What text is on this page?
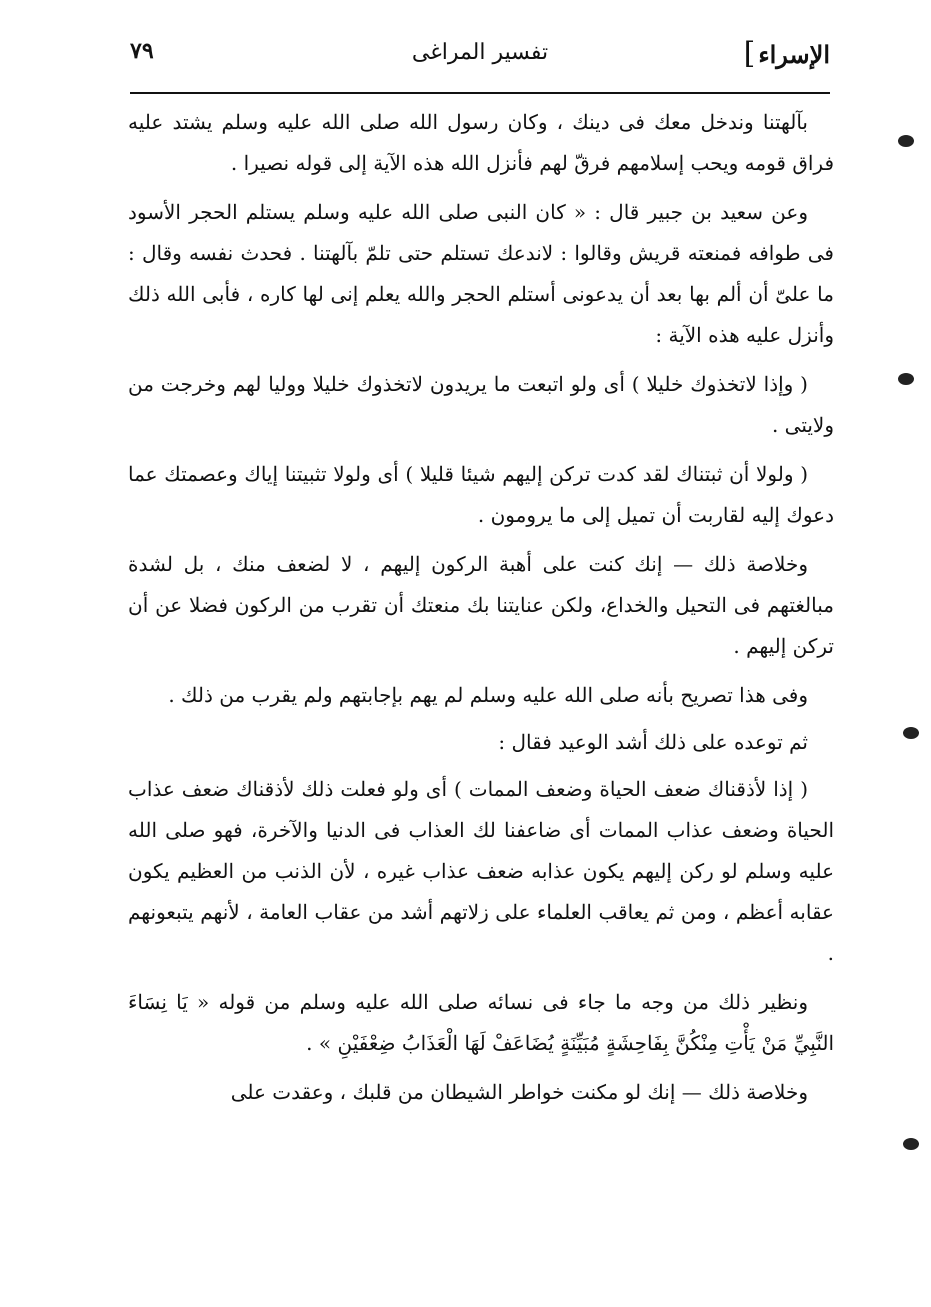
الإسراء]
تفسير المراغى
٧٩

بآلهتنا وندخل معك فى دينك ، وكان رسول الله صلى الله عليه وسلم يشتد عليه فراق قومه ويحب إسلامهم فرقّ لهم فأنزل الله هذه الآية إلى قوله نصيرا .

وعن سعيد بن جبير قال : « كان النبى صلى الله عليه وسلم يستلم الحجر الأسود فى طوافه فمنعته قريش وقالوا : لاندعك تستلم حتى تلمّ بآلهتنا . فحدث نفسه وقال : ما علىّ أن ألم بها بعد أن يدعونى أستلم الحجر والله يعلم إنى لها كاره ، فأبى الله ذلك وأنزل عليه هذه الآية :

( وإذا لاتخذوك خليلا ) أى ولو اتبعت ما يريدون لاتخذوك خليلا ووليا لهم وخرجت من ولايتى .

( ولولا أن ثبتناك لقد كدت تركن إليهم شيئا قليلا ) أى ولولا تثبيتنا إياك وعصمتك عما دعوك إليه لقاربت أن تميل إلى ما يرومون .

وخلاصة ذلك — إنك كنت على أهبة الركون إليهم ، لا لضعف منك ، بل لشدة مبالغتهم فى التحيل والخداع، ولكن عنايتنا بك منعتك أن تقرب من الركون فضلا عن أن تركن إليهم .

وفى هذا تصريح بأنه صلى الله عليه وسلم لم يهم بإجابتهم ولم يقرب من ذلك .

ثم توعده على ذلك أشد الوعيد فقال :

( إذا لأذقناك ضعف الحياة وضعف الممات ) أى ولو فعلت ذلك لأذقناك ضعف عذاب الحياة وضعف عذاب الممات أى ضاعفنا لك العذاب فى الدنيا والآخرة، فهو صلى الله عليه وسلم لو ركن إليهم يكون عذابه ضعف عذاب غيره ، لأن الذنب من العظيم يكون عقابه أعظم ، ومن ثم يعاقب العلماء على زلاتهم أشد من عقاب العامة ، لأنهم يتبعونهم .

ونظير ذلك من وجه ما جاء فى نسائه صلى الله عليه وسلم من قوله « يَا نِسَاءَ النَّبِيِّ مَنْ يَأْتِ مِنْكُنَّ بِفَاحِشَةٍ مُبَيِّنَةٍ يُضَاعَفْ لَهَا الْعَذَابُ ضِعْفَيْنِ » .

وخلاصة ذلك — إنك لو مكنت خواطر الشيطان من قلبك ، وعقدت على
